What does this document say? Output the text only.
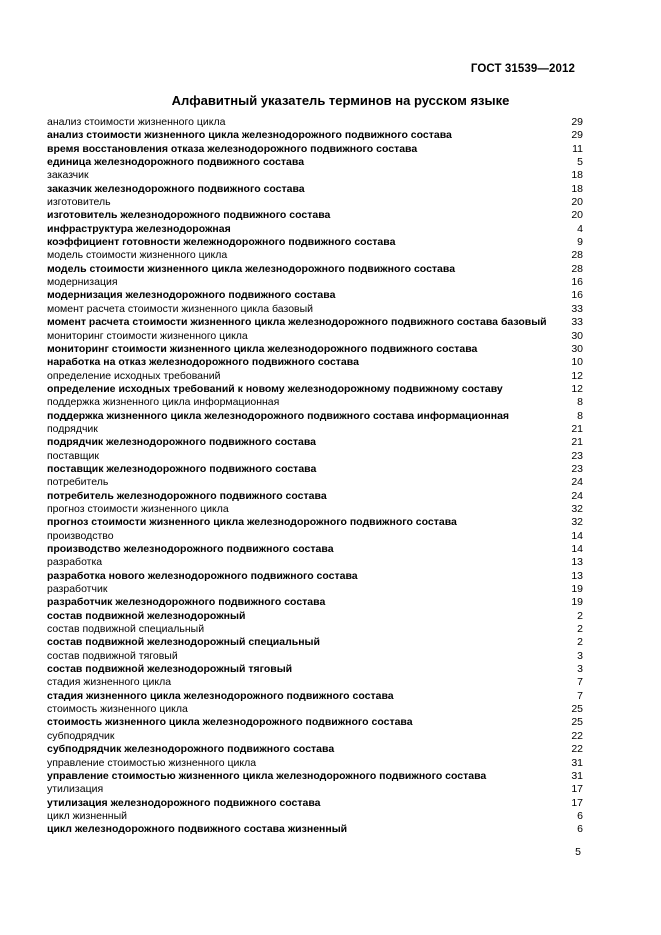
ГОСТ 31539—2012
Алфавитный указатель терминов на русском языке
анализ стоимости жизненного цикла	29
анализ стоимости жизненного цикла железнодорожного подвижного состава	29
время восстановления отказа железнодорожного подвижного состава	11
единица железнодорожного подвижного состава	5
заказчик	18
заказчик железнодорожного подвижного состава	18
изготовитель	20
изготовитель железнодорожного подвижного состава	20
инфраструктура железнодорожная	4
коэффициент готовности жележнодорожного подвижного состава	9
модель стоимости жизненного цикла	28
модель стоимости жизненного цикла железнодорожного подвижного состава	28
модернизация	16
модернизация железнодорожного подвижного состава	16
момент расчета стоимости жизненного цикла базовый	33
момент расчета стоимости жизненного цикла железнодорожного подвижного состава базовый 33
мониторинг стоимости жизненного цикла	30
мониторинг стоимости жизненного цикла железнодорожного подвижного состава	30
наработка на отказ железнодорожного подвижного состава	10
определение исходных требований	12
определение исходных требований к новому железнодорожному подвижному составу	12
поддержка жизненного цикла информационная	8
поддержка жизненного цикла железнодорожного подвижного состава информационная	8
подрядчик	21
подрядчик железнодорожного подвижного состава	21
поставщик	23
поставщик железнодорожного подвижного состава	23
потребитель	24
потребитель железнодорожного подвижного состава	24
прогноз стоимости жизненного цикла	32
прогноз стоимости жизненного цикла железнодорожного подвижного состава	32
производство	14
производство железнодорожного подвижного состава	14
разработка	13
разработка нового железнодорожного подвижного состава	13
разработчик	19
разработчик железнодорожного подвижного состава	19
состав подвижной железнодорожный	2
состав подвижной специальный	2
состав подвижной железнодорожный специальный	2
состав подвижной тяговый	3
состав подвижной железнодорожный тяговый	3
стадия жизненного цикла	7
стадия жизненного цикла железнодорожного подвижного состава	7
стоимость жизненного цикла	25
стоимость жизненного цикла железнодорожного подвижного состава	25
субподрядчик	22
субподрядчик железнодорожного подвижного состава	22
управление стоимостью жизненного цикла	31
управление стоимостью жизненного цикла железнодорожного подвижного состава	31
утилизация	17
утилизация железнодорожного подвижного состава	17
цикл жизненный	6
цикл железнодорожного подвижного состава жизненный	6
5
